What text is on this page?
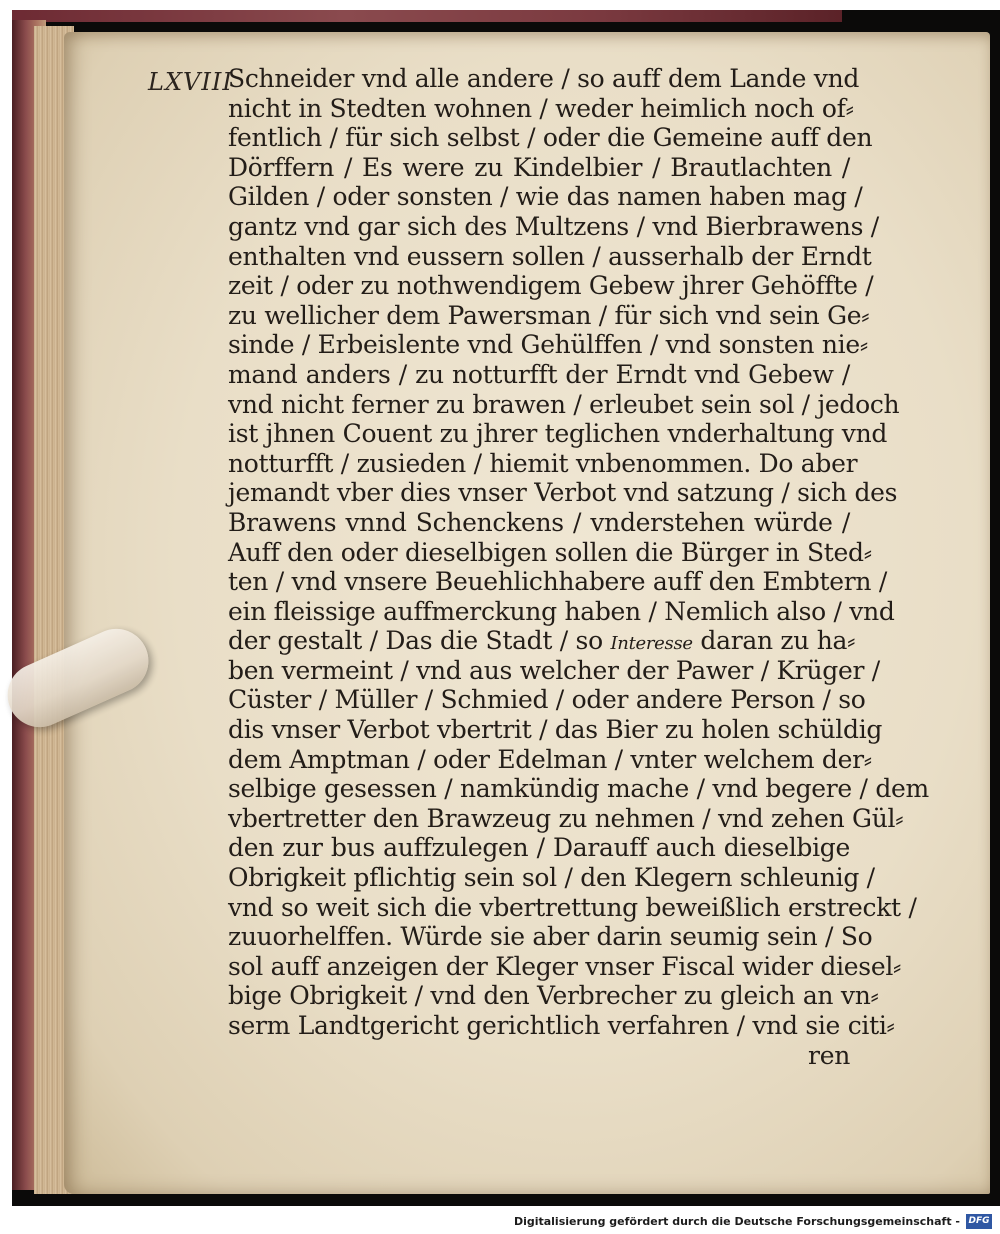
LXVIII
Schneider vnd alle andere / so auff dem Lande vnd
nicht in Stedten wohnen / weder heimlich noch of⸗
fentlich / für sich selbst / oder die Gemeine auff den
Dörffern / Es were zu Kindelbier / Brautlachten /
Gilden / oder sonsten / wie das namen haben mag /
gantz vnd gar sich des Multzens / vnd Bierbrawens /
enthalten vnd eussern sollen / ausserhalb der Erndt
zeit / oder zu nothwendigem Gebew jhrer Gehöffte /
zu wellicher dem Pawersman / für sich vnd sein Ge⸗
sinde / Erbeislente vnd Gehülffen / vnd sonsten nie⸗
mand anders / zu notturfft der Erndt vnd Gebew /
vnd nicht ferner zu brawen / erleubet sein sol / jedoch
ist jhnen Couent zu jhrer teglichen vnderhaltung vnd
notturfft / zusieden / hiemit vnbenommen. Do aber
jemandt vber dies vnser Verbot vnd satzung / sich des
Brawens vnnd Schenckens / vnderstehen würde /
Auff den oder dieselbigen sollen die Bürger in Sted⸗
ten / vnd vnsere Beuehlichhabere auff den Embtern /
ein fleissige auffmerckung haben / Nemlich also / vnd
der gestalt / Das die Stadt / so Interesse daran zu ha⸗
ben vermeint / vnd aus welcher der Pawer / Krüger /
Cüster / Müller / Schmied / oder andere Person / so
dis vnser Verbot vbertrit / das Bier zu holen schüldig
dem Amptman / oder Edelman / vnter welchem der⸗
selbige gesessen / namkündig mache / vnd begere / dem
vbertretter den Brawzeug zu nehmen / vnd zehen Gül⸗
den zur bus auffzulegen / Darauff auch dieselbige
Obrigkeit pflichtig sein sol / den Klegern schleunig /
vnd so weit sich die vbertrettung beweißlich erstreckt /
zuuorhelffen. Würde sie aber darin seumig sein / So
sol auff anzeigen der Kleger vnser Fiscal wider diesel⸗
bige Obrigkeit / vnd den Verbrecher zu gleich an vn⸗
serm Landtgericht gerichtlich verfahren / vnd sie citi⸗
ren
Digitalisierung gefördert durch die Deutsche Forschungsgemeinschaft - DFG
